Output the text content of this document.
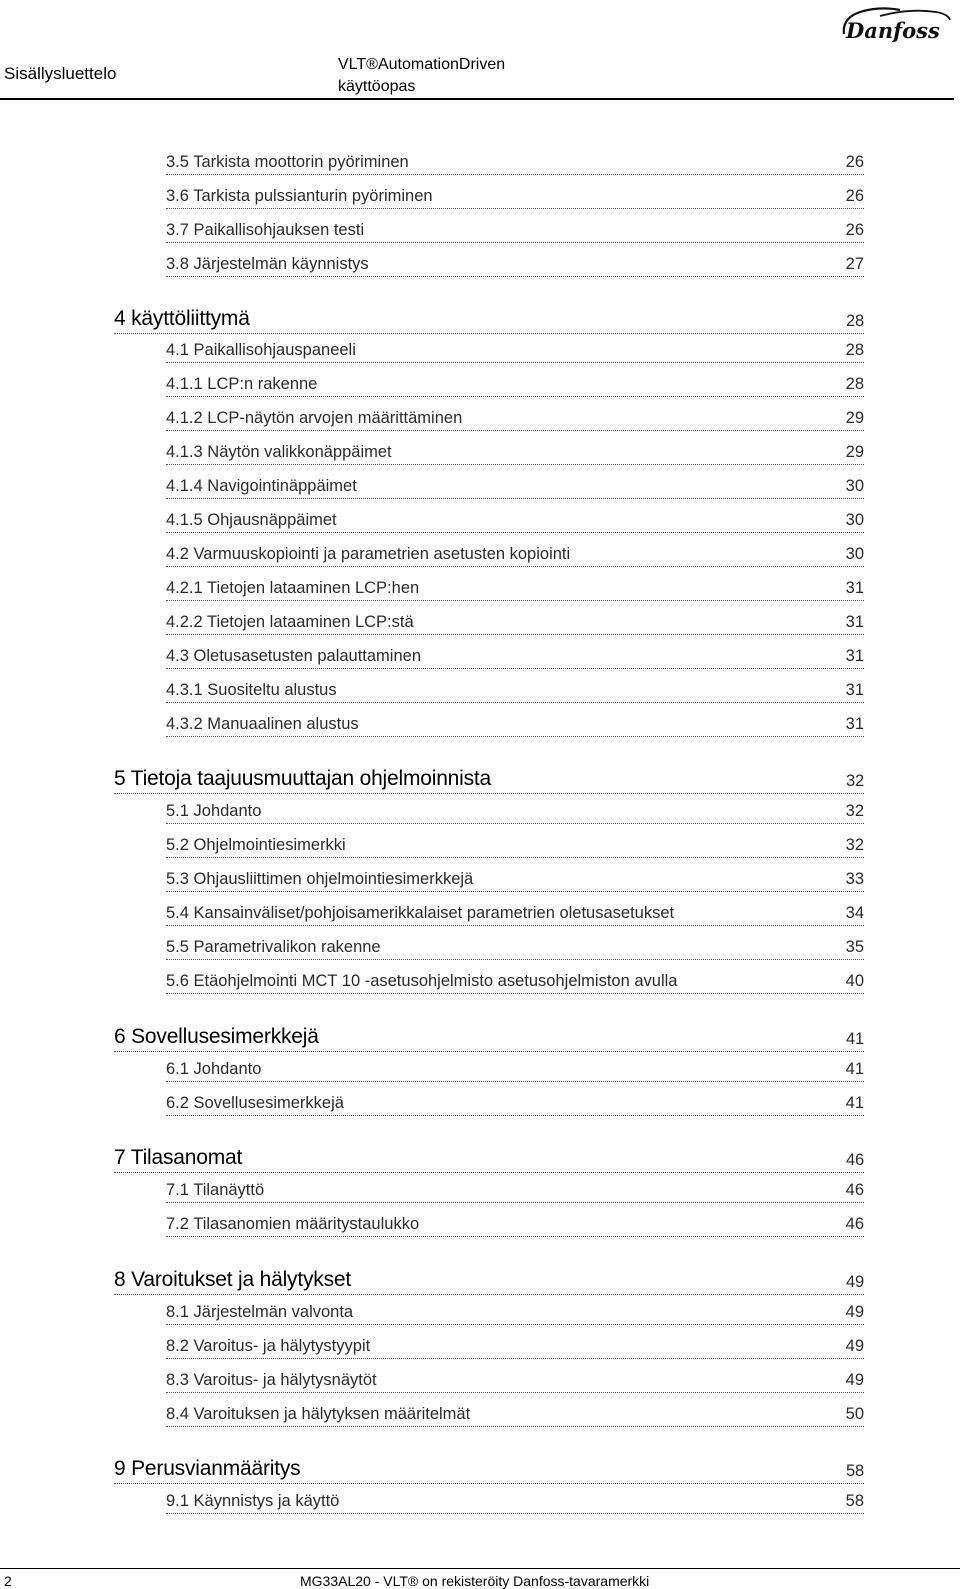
Danfoss
Sisällysluettelo	VLT®AutomationDriven
käyttöopas
3.5 Tarkista moottorin pyöriminen	26
3.6 Tarkista pulssianturin pyöriminen	26
3.7 Paikallisohjauksen testi	26
3.8 Järjestelmän käynnistys	27
4 käyttöliittymä	28
4.1 Paikallisohjauspaneeli	28
4.1.1 LCP:n rakenne	28
4.1.2 LCP-näytön arvojen määrittäminen	29
4.1.3 Näytön valikkonäppäimet	29
4.1.4 Navigointinäppäimet	30
4.1.5 Ohjausnäppäimet	30
4.2 Varmuuskopiointi ja parametrien asetusten kopiointi	30
4.2.1 Tietojen lataaminen LCP:hen	31
4.2.2 Tietojen lataaminen LCP:stä	31
4.3 Oletusasetusten palauttaminen	31
4.3.1 Suositeltu alustus	31
4.3.2 Manuaalinen alustus	31
5 Tietoja taajuusmuuttajan ohjelmoinnista	32
5.1 Johdanto	32
5.2 Ohjelmointiesimerkki	32
5.3 Ohjausliittimen ohjelmointiesimerkkejä	33
5.4 Kansainväliset/pohjoisamerikkalaiset parametrien oletusasetukset	34
5.5 Parametrivalikon rakenne	35
5.6 Etäohjelmointi MCT 10 -asetusohjelmisto asetusohjelmiston avulla	40
6 Sovellusesimerkkejä	41
6.1 Johdanto	41
6.2 Sovellusesimerkkejä	41
7 Tilasanomat	46
7.1 Tilanäyttö	46
7.2 Tilasanomien määritystaulukko	46
8 Varoitukset ja hälytykset	49
8.1 Järjestelmän valvonta	49
8.2 Varoitus- ja hälytystyypit	49
8.3 Varoitus- ja hälytysnäytöt	49
8.4 Varoituksen ja hälytyksen määritelmät	50
9 Perusvianmääritys	58
9.1 Käynnistys ja käyttö	58
2	MG33AL20 - VLT® on rekisteröity Danfoss-tavaramerkki
